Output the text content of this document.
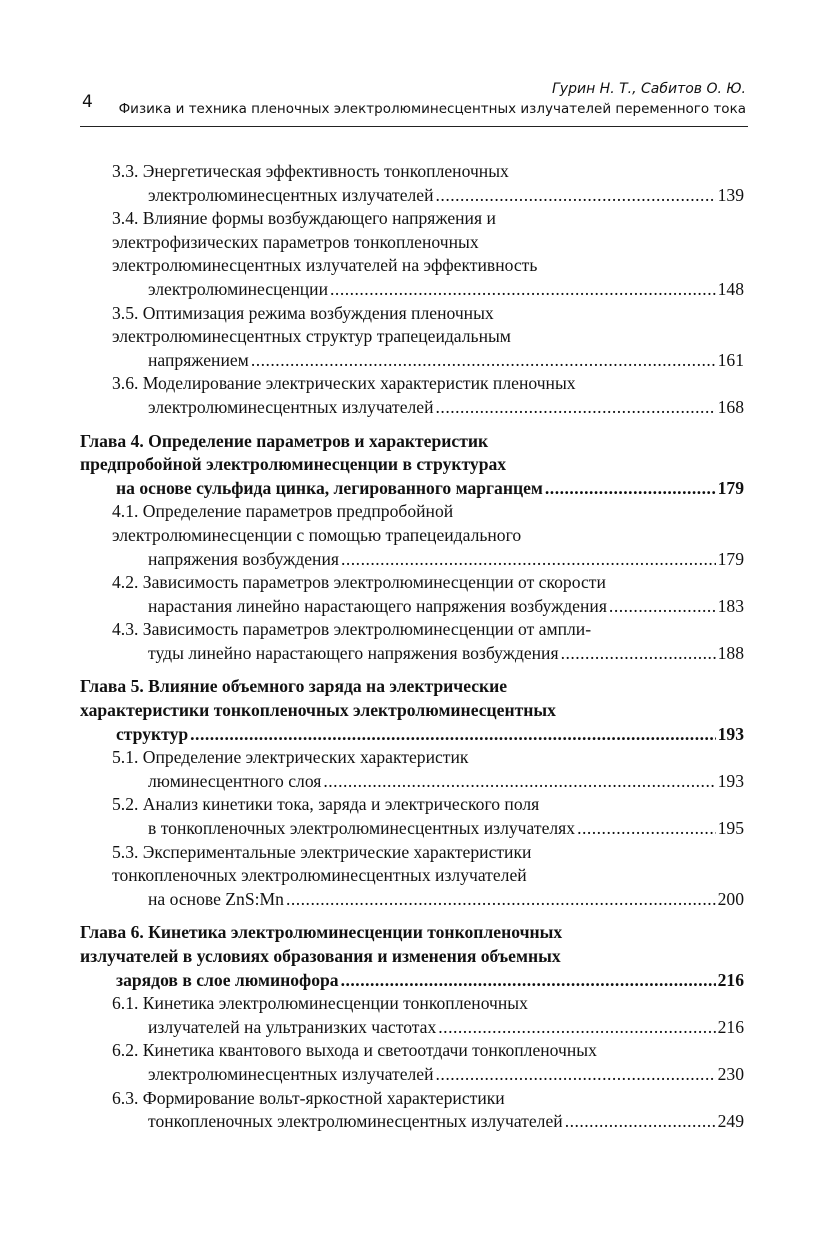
4
Гурин Н. Т., Сабитов О. Ю.
Физика и техника пленочных электролюминесцентных излучателей переменного тока
3.3. Энергетическая эффективность тонкопленочных
электролюминесцентных излучателей .....	139
3.4. Влияние формы возбуждающего напряжения и
электрофизических параметров тонкопленочных
электролюминесцентных излучателей на эффективность
электролюминесценции .....	148
3.5. Оптимизация режима возбуждения пленочных
электролюминесцентных структур трапецеидальным
напряжением .....	161
3.6. Моделирование электрических характеристик пленочных
электролюминесцентных излучателей .....	168
Глава 4. Определение параметров и характеристик
предпробойной электролюминесценции в структурах
на основе сульфида цинка, легированного марганцем .....	179
4.1. Определение параметров предпробойной
электролюминесценции с помощью трапецеидального
напряжения возбуждения .....	179
4.2. Зависимость параметров электролюминесценции от скорости
нарастания линейно нарастающего напряжения возбуждения .....	183
4.3. Зависимость параметров электролюминесценции от ампли-
туды линейно нарастающего напряжения возбуждения .....	188
Глава 5. Влияние объемного заряда на электрические
характеристики тонкопленочных электролюминесцентных
структур .....	193
5.1. Определение электрических характеристик
люминесцентного слоя .....	193
5.2. Анализ кинетики тока, заряда и электрического поля
в тонкопленочных электролюминесцентных излучателях .....	195
5.3. Экспериментальные электрические характеристики
тонкопленочных электролюминесцентных излучателей
на основе ZnS:Mn .....	200
Глава 6. Кинетика электролюминесценции тонкопленочных
излучателей в условиях образования и изменения объемных
зарядов в слое люминофора .....	216
6.1. Кинетика электролюминесценции тонкопленочных
излучателей на ультранизких частотах .....	216
6.2. Кинетика квантового выхода и светоотдачи тонкопленочных
электролюминесцентных излучателей .....	230
6.3. Формирование вольт-яркостной характеристики
тонкопленочных электролюминесцентных излучателей .....	249
